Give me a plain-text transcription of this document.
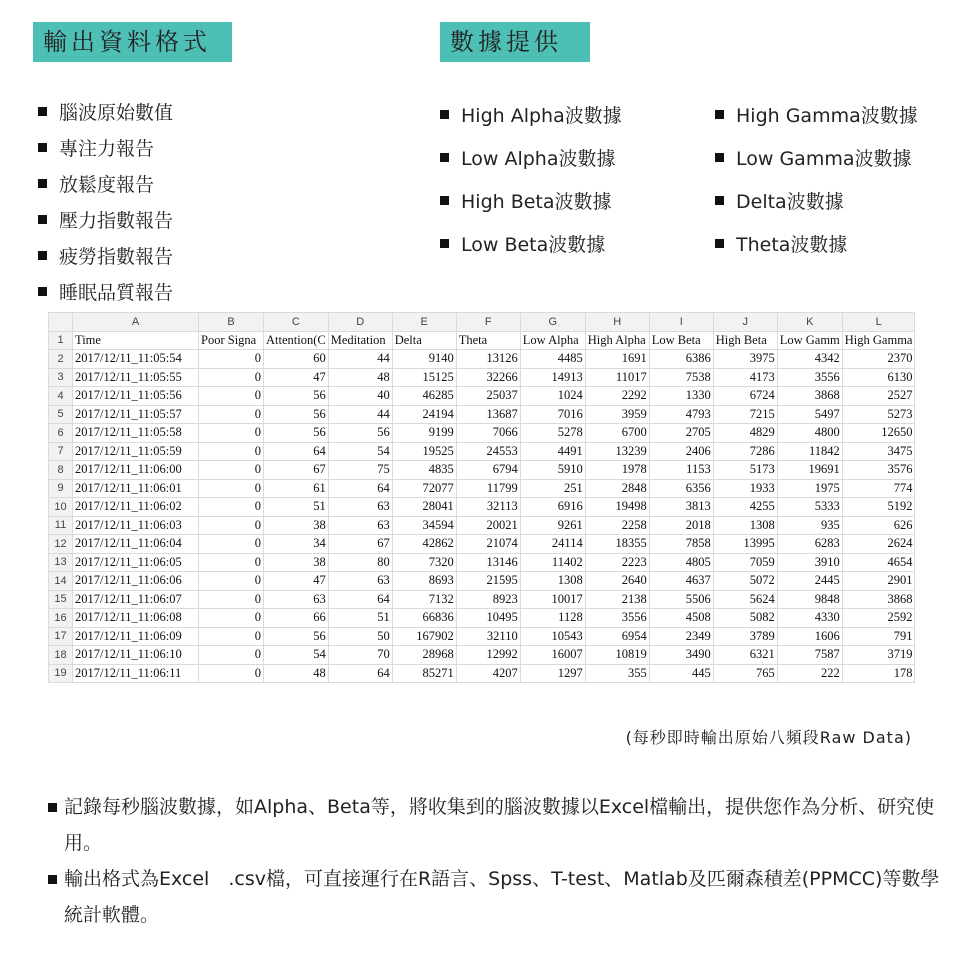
輸出資料格式	數據提供
腦波原始數值
專注力報告
放鬆度報告
壓力指數報告
疲勞指數報告
睡眠品質報告
High Alpha波數據
Low Alpha波數據
High Beta波數據
Low Beta波數據
High Gamma波數據
Low Gamma波數據
Delta波數據
Theta波數據
	A	B	C	D	E	F	G	H	I	J	K	L
1	Time	Poor Signa	Attention(C	Meditation	Delta	Theta	Low Alpha	High Alpha	Low Beta	High Beta	Low Gamm	High Gamma
2	2017/12/11_11:05:54	0	60	44	9140	13126	4485	1691	6386	3975	4342	2370
3	2017/12/11_11:05:55	0	47	48	15125	32266	14913	11017	7538	4173	3556	6130
4	2017/12/11_11:05:56	0	56	40	46285	25037	1024	2292	1330	6724	3868	2527
5	2017/12/11_11:05:57	0	56	44	24194	13687	7016	3959	4793	7215	5497	5273
6	2017/12/11_11:05:58	0	56	56	9199	7066	5278	6700	2705	4829	4800	12650
7	2017/12/11_11:05:59	0	64	54	19525	24553	4491	13239	2406	7286	11842	3475
8	2017/12/11_11:06:00	0	67	75	4835	6794	5910	1978	1153	5173	19691	3576
9	2017/12/11_11:06:01	0	61	64	72077	11799	251	2848	6356	1933	1975	774
10	2017/12/11_11:06:02	0	51	63	28041	32113	6916	19498	3813	4255	5333	5192
11	2017/12/11_11:06:03	0	38	63	34594	20021	9261	2258	2018	1308	935	626
12	2017/12/11_11:06:04	0	34	67	42862	21074	24114	18355	7858	13995	6283	2624
13	2017/12/11_11:06:05	0	38	80	7320	13146	11402	2223	4805	7059	3910	4654
14	2017/12/11_11:06:06	0	47	63	8693	21595	1308	2640	4637	5072	2445	2901
15	2017/12/11_11:06:07	0	63	64	7132	8923	10017	2138	5506	5624	9848	3868
16	2017/12/11_11:06:08	0	66	51	66836	10495	1128	3556	4508	5082	4330	2592
17	2017/12/11_11:06:09	0	56	50	167902	32110	10543	6954	2349	3789	1606	791
18	2017/12/11_11:06:10	0	54	70	28968	12992	16007	10819	3490	6321	7587	3719
19	2017/12/11_11:06:11	0	48	64	85271	4207	1297	355	445	765	222	178
(每秒即時輸出原始八頻段Raw Data)
記錄每秒腦波數據，如Alpha、Beta等，將收集到的腦波數據以Excel檔輸出，提供您作為分析、研究使用。
輸出格式為Excel　.csv檔，可直接運行在R語言、Spss、T-test、Matlab及匹爾森積差(PPMCC)等數學統計軟體。
